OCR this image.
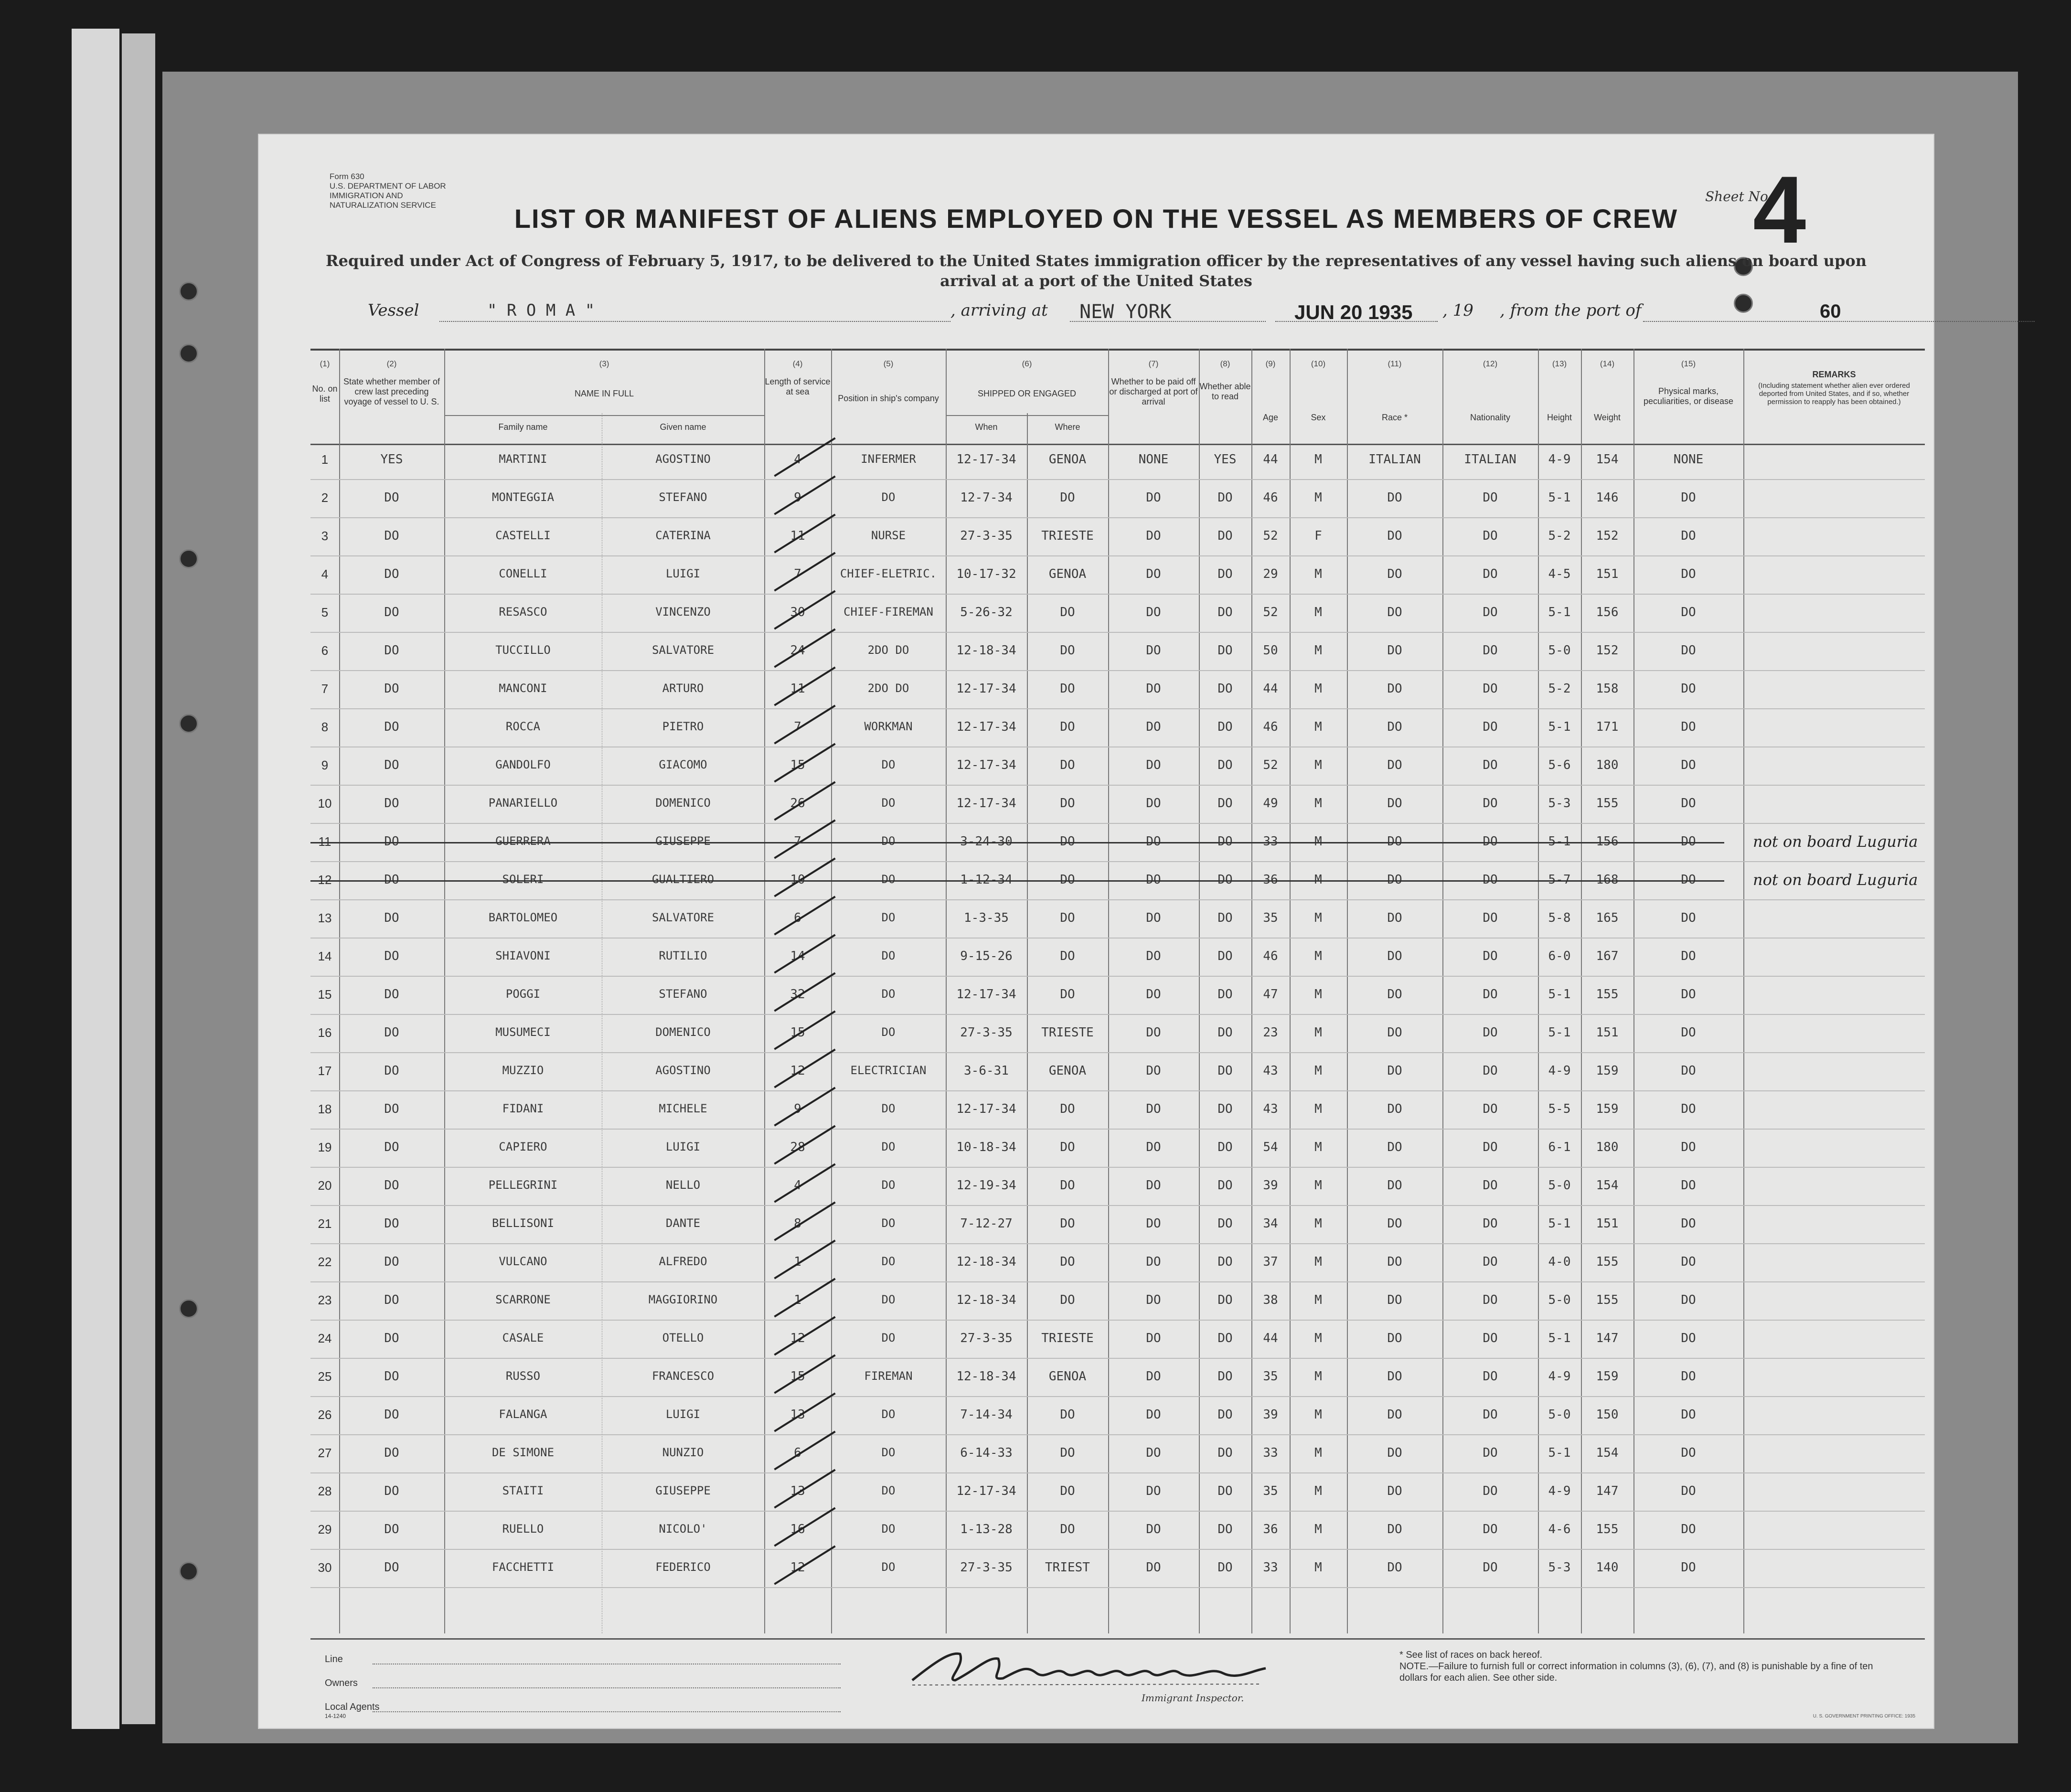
Form 630
U.S. DEPARTMENT OF LABOR
IMMIGRATION AND NATURALIZATION SERVICE
Sheet No.
4
LIST OR MANIFEST OF ALIENS EMPLOYED ON THE VESSEL AS MEMBERS OF CREW
Required under Act of Congress of February 5, 1917, to be delivered to the United States immigration officer by the representatives of any vessel having such aliens on board upon arrival at a port of the United States
Vessel	" R O M A "	, arriving at NEW YORK	JUN 20 1935 , 19 , from the port of	60
(1)
No. on list
(2)
State whether member of crew last preceding voyage of vessel to U. S.
(3)
NAME IN FULL
Family name	Given name
(4)
Length of service at sea
(5)
Position in ship's company
(6)
SHIPPED OR ENGAGED
When	Where
(7)
Whether to be paid off or discharged at port of arrival
(8)
Whether able to read
(9)
Age
(10)
Sex
(11)
Race *
(12)
Nationality
(13)
Height
(14)
Weight
(15)
Physical marks, peculiarities, or disease
REMARKS
(Including statement whether alien ever ordered deported from United States, and if so, whether permission to reapply has been obtained.)
1	YES	MARTINI	AGOSTINO	4	INFERMER	12-17-34	GENOA	NONE	YES	44	M	ITALIAN	ITALIAN	4-9	154	NONE
2	DO	MONTEGGIA	STEFANO	9	DO	12-7-34	DO	DO	DO	46	M	DO	DO	5-1	146	DO
3	DO	CASTELLI	CATERINA	11	NURSE	27-3-35	TRIESTE	DO	DO	52	F	DO	DO	5-2	152	DO
4	DO	CONELLI	LUIGI	7	CHIEF-ELETRIC.	10-17-32	GENOA	DO	DO	29	M	DO	DO	4-5	151	DO
5	DO	RESASCO	VINCENZO	30	CHIEF-FIREMAN	5-26-32	DO	DO	DO	52	M	DO	DO	5-1	156	DO
6	DO	TUCCILLO	SALVATORE	24	2DO DO	12-18-34	DO	DO	DO	50	M	DO	DO	5-0	152	DO
7	DO	MANCONI	ARTURO	11	2DO DO	12-17-34	DO	DO	DO	44	M	DO	DO	5-2	158	DO
8	DO	ROCCA	PIETRO	7	WORKMAN	12-17-34	DO	DO	DO	46	M	DO	DO	5-1	171	DO
9	DO	GANDOLFO	GIACOMO	15	DO	12-17-34	DO	DO	DO	52	M	DO	DO	5-6	180	DO
10	DO	PANARIELLO	DOMENICO	26	DO	12-17-34	DO	DO	DO	49	M	DO	DO	5-3	155	DO
11	DO	GUERRERA	GIUSEPPE	7	DO	3-24-30	DO	DO	DO	33	M	DO	DO	5-1	156	DO	not on board Luguria
12	DO	SOLERI	GUALTIERO	10	DO	1-12-34	DO	DO	DO	36	M	DO	DO	5-7	168	DO	not on board Luguria
13	DO	BARTOLOMEO	SALVATORE	6	DO	1-3-35	DO	DO	DO	35	M	DO	DO	5-8	165	DO
14	DO	SHIAVONI	RUTILIO	14	DO	9-15-26	DO	DO	DO	46	M	DO	DO	6-0	167	DO
15	DO	POGGI	STEFANO	32	DO	12-17-34	DO	DO	DO	47	M	DO	DO	5-1	155	DO
16	DO	MUSUMECI	DOMENICO	15	DO	27-3-35	TRIESTE	DO	DO	23	M	DO	DO	5-1	151	DO
17	DO	MUZZIO	AGOSTINO	12	ELECTRICIAN	3-6-31	GENOA	DO	DO	43	M	DO	DO	4-9	159	DO
18	DO	FIDANI	MICHELE	9	DO	12-17-34	DO	DO	DO	43	M	DO	DO	5-5	159	DO
19	DO	CAPIERO	LUIGI	28	DO	10-18-34	DO	DO	DO	54	M	DO	DO	6-1	180	DO
20	DO	PELLEGRINI	NELLO	4	DO	12-19-34	DO	DO	DO	39	M	DO	DO	5-0	154	DO
21	DO	BELLISONI	DANTE	8	DO	7-12-27	DO	DO	DO	34	M	DO	DO	5-1	151	DO
22	DO	VULCANO	ALFREDO	1	DO	12-18-34	DO	DO	DO	37	M	DO	DO	4-0	155	DO
23	DO	SCARRONE	MAGGIORINO	1	DO	12-18-34	DO	DO	DO	38	M	DO	DO	5-0	155	DO
24	DO	CASALE	OTELLO	12	DO	27-3-35	TRIESTE	DO	DO	44	M	DO	DO	5-1	147	DO
25	DO	RUSSO	FRANCESCO	15	FIREMAN	12-18-34	GENOA	DO	DO	35	M	DO	DO	4-9	159	DO
26	DO	FALANGA	LUIGI	13	DO	7-14-34	DO	DO	DO	39	M	DO	DO	5-0	150	DO
27	DO	DE SIMONE	NUNZIO	6	DO	6-14-33	DO	DO	DO	33	M	DO	DO	5-1	154	DO
28	DO	STAITI	GIUSEPPE	13	DO	12-17-34	DO	DO	DO	35	M	DO	DO	4-9	147	DO
29	DO	RUELLO	NICOLO'	16	DO	1-13-28	DO	DO	DO	36	M	DO	DO	4-6	155	DO
30	DO	FACCHETTI	FEDERICO	12	DO	27-3-35	TRIEST	DO	DO	33	M	DO	DO	5-3	140	DO
Line
Owners
Local Agents
14-1240
Immigrant Inspector.
* See list of races on back hereof.
NOTE.—Failure to furnish full or correct information in columns (3), (6), (7), and (8) is punishable by a fine of ten dollars for each alien. See other side.
U. S. GOVERNMENT PRINTING OFFICE: 1935
